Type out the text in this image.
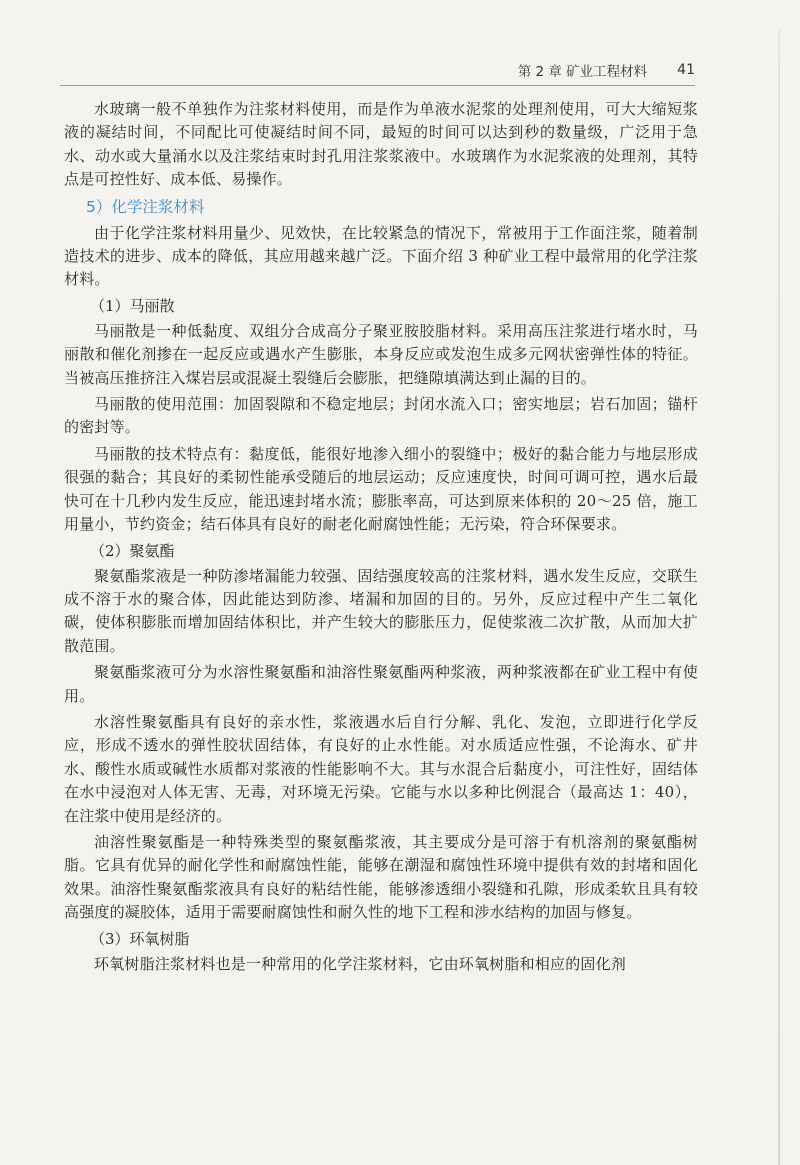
第 2 章 矿业工程材料 41
水玻璃一般不单独作为注浆材料使用，而是作为单液水泥浆的处理剂使用，可大大缩短浆液的凝结时间，不同配比可使凝结时间不同，最短的时间可以达到秒的数量级，广泛用于急水、动水或大量涌水以及注浆结束时封孔用注浆浆液中。水玻璃作为水泥浆液的处理剂，其特点是可控性好、成本低、易操作。
5）化学注浆材料
由于化学注浆材料用量少、见效快，在比较紧急的情况下，常被用于工作面注浆，随着制造技术的进步、成本的降低，其应用越来越广泛。下面介绍 3 种矿业工程中最常用的化学注浆材料。
（1）马丽散
马丽散是一种低黏度、双组分合成高分子聚亚胺胶脂材料。采用高压注浆进行堵水时，马丽散和催化剂掺在一起反应或遇水产生膨胀，本身反应或发泡生成多元网状密弹性体的特征。当被高压推挤注入煤岩层或混凝土裂缝后会膨胀，把缝隙填满达到止漏的目的。
马丽散的使用范围：加固裂隙和不稳定地层；封闭水流入口；密实地层；岩石加固；锚杆的密封等。
马丽散的技术特点有：黏度低，能很好地渗入细小的裂缝中；极好的黏合能力与地层形成很强的黏合；其良好的柔韧性能承受随后的地层运动；反应速度快，时间可调可控，遇水后最快可在十几秒内发生反应，能迅速封堵水流；膨胀率高，可达到原来体积的 20～25 倍，施工用量小，节约资金；结石体具有良好的耐老化耐腐蚀性能；无污染，符合环保要求。
（2）聚氨酯
聚氨酯浆液是一种防渗堵漏能力较强、固结强度较高的注浆材料，遇水发生反应，交联生成不溶于水的聚合体，因此能达到防渗、堵漏和加固的目的。另外，反应过程中产生二氧化碳，使体积膨胀而增加固结体积比，并产生较大的膨胀压力，促使浆液二次扩散，从而加大扩散范围。
聚氨酯浆液可分为水溶性聚氨酯和油溶性聚氨酯两种浆液，两种浆液都在矿业工程中有使用。
水溶性聚氨酯具有良好的亲水性，浆液遇水后自行分解、乳化、发泡，立即进行化学反应，形成不透水的弹性胶状固结体，有良好的止水性能。对水质适应性强，不论海水、矿井水、酸性水质或碱性水质都对浆液的性能影响不大。其与水混合后黏度小，可注性好，固结体在水中浸泡对人体无害、无毒，对环境无污染。它能与水以多种比例混合（最高达 1：40），在注浆中使用是经济的。
油溶性聚氨酯是一种特殊类型的聚氨酯浆液，其主要成分是可溶于有机溶剂的聚氨酯树脂。它具有优异的耐化学性和耐腐蚀性能，能够在潮湿和腐蚀性环境中提供有效的封堵和固化效果。油溶性聚氨酯浆液具有良好的粘结性能，能够渗透细小裂缝和孔隙，形成柔软且具有较高强度的凝胶体，适用于需要耐腐蚀性和耐久性的地下工程和涉水结构的加固与修复。
（3）环氧树脂
环氧树脂注浆材料也是一种常用的化学注浆材料，它由环氧树脂和相应的固化剂
